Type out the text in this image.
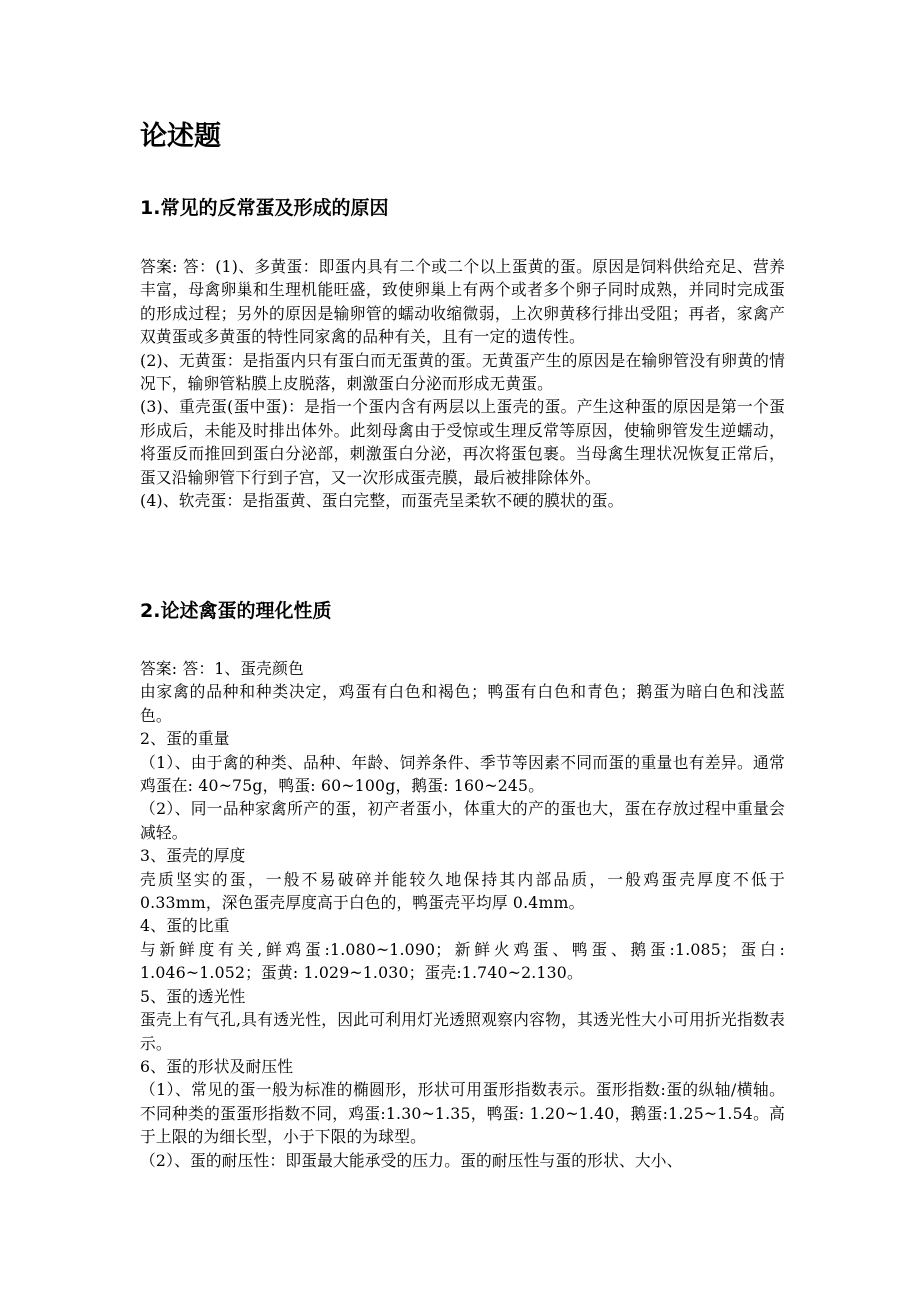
论述题
1.常见的反常蛋及形成的原因

答案: 答：(1)、多黄蛋：即蛋内具有二个或二个以上蛋黄的蛋。原因是饲料供给充足、营养丰富，母禽卵巢和生理机能旺盛，致使卵巢上有两个或者多个卵子同时成熟，并同时完成蛋的形成过程；另外的原因是输卵管的蠕动收缩微弱，上次卵黄移行排出受阻；再者，家禽产双黄蛋或多黄蛋的特性同家禽的品种有关，且有一定的遗传性。

(2)、无黄蛋：是指蛋内只有蛋白而无蛋黄的蛋。无黄蛋产生的原因是在输卵管没有卵黄的情况下，输卵管粘膜上皮脱落，刺激蛋白分泌而形成无黄蛋。

(3)、重壳蛋(蛋中蛋)：是指一个蛋内含有两层以上蛋壳的蛋。产生这种蛋的原因是第一个蛋形成后，未能及时排出体外。此刻母禽由于受惊或生理反常等原因，使输卵管发生逆蠕动，将蛋反而推回到蛋白分泌部，刺激蛋白分泌，再次将蛋包裹。当母禽生理状况恢复正常后，蛋又沿输卵管下行到子宫，又一次形成蛋壳膜，最后被排除体外。

(4)、软壳蛋：是指蛋黄、蛋白完整，而蛋壳呈柔软不硬的膜状的蛋。

2.论述禽蛋的理化性质

答案: 答：1、蛋壳颜色

由家禽的品种和种类决定，鸡蛋有白色和褐色；鸭蛋有白色和青色；鹅蛋为暗白色和浅蓝色。

2、蛋的重量

（1）、由于禽的种类、品种、年龄、饲养条件、季节等因素不同而蛋的重量也有差异。通常鸡蛋在: 40~75g，鸭蛋: 60~100g，鹅蛋: 160~245。

（2）、同一品种家禽所产的蛋，初产者蛋小，体重大的产的蛋也大，蛋在存放过程中重量会减轻。

3、蛋壳的厚度

壳质坚实的蛋，一般不易破碎并能较久地保持其内部品质，一般鸡蛋壳厚度不低于 0.33mm，深色蛋壳厚度高于白色的，鸭蛋壳平均厚 0.4mm。

4、蛋的比重

与新鲜度有关,鲜鸡蛋:1.080~1.090；新鲜火鸡蛋、鸭蛋、鹅蛋:1.085；蛋白: 1.046~1.052；蛋黄: 1.029~1.030；蛋壳:1.740~2.130。

5、蛋的透光性

蛋壳上有气孔,具有透光性，因此可利用灯光透照观察内容物，其透光性大小可用折光指数表示。

6、蛋的形状及耐压性

（1）、常见的蛋一般为标准的椭圆形，形状可用蛋形指数表示。蛋形指数:蛋的纵轴/横轴。不同种类的蛋蛋形指数不同，鸡蛋:1.30~1.35，鸭蛋: 1.20~1.40，鹅蛋:1.25~1.54。高于上限的为细长型，小于下限的为球型。

（2）、蛋的耐压性：即蛋最大能承受的压力。蛋的耐压性与蛋的形状、大小、
